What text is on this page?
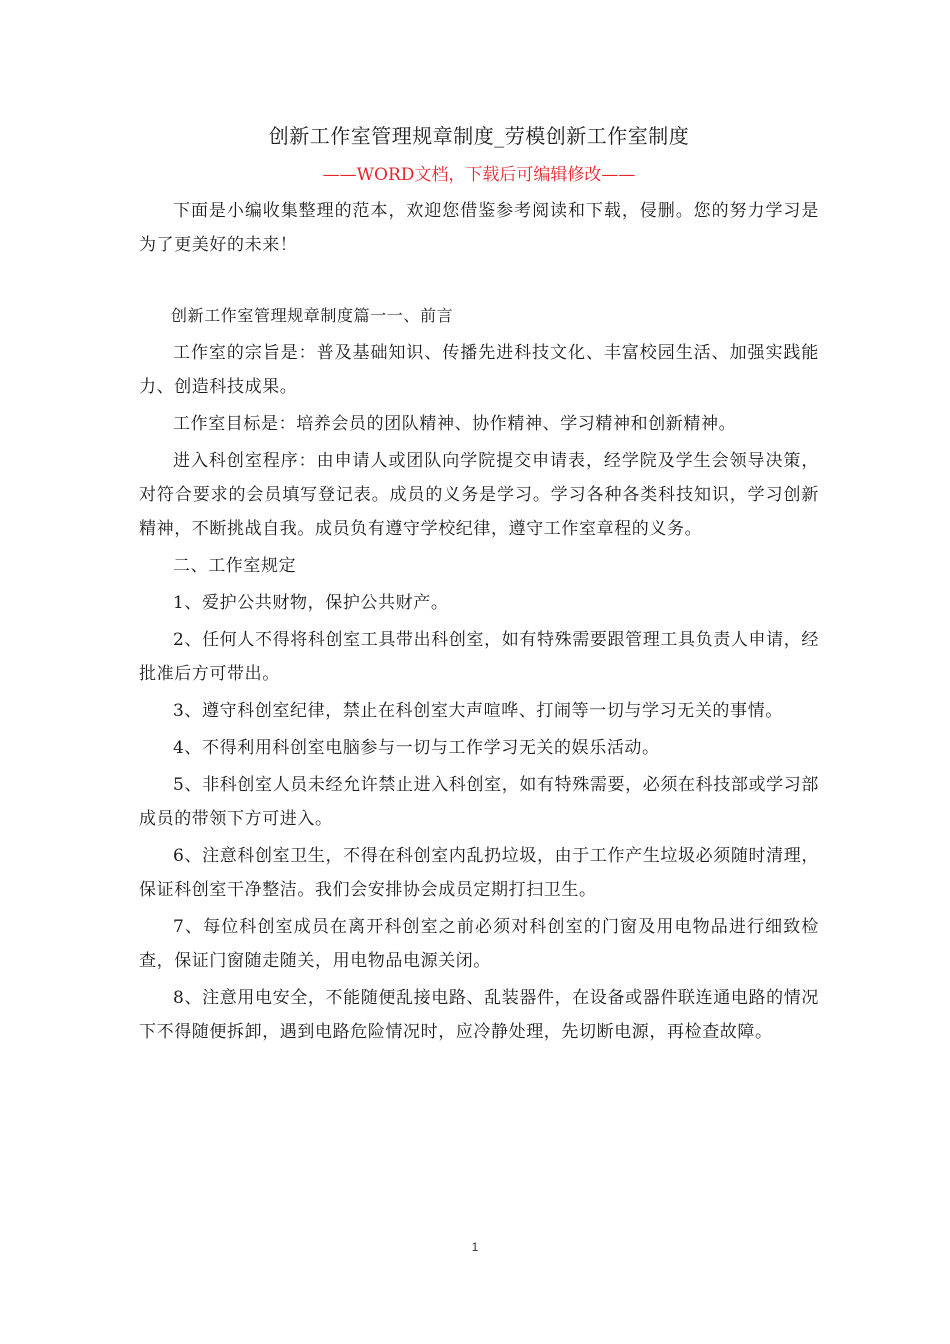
创新工作室管理规章制度_劳模创新工作室制度

——WORD文档，下载后可编辑修改——

下面是小编收集整理的范本，欢迎您借鉴参考阅读和下载，侵删。您的努力学习是为了更美好的未来！

创新工作室管理规章制度篇一一、前言

工作室的宗旨是：普及基础知识、传播先进科技文化、丰富校园生活、加强实践能力、创造科技成果。

工作室目标是：培养会员的团队精神、协作精神、学习精神和创新精神。

进入科创室程序：由申请人或团队向学院提交申请表，经学院及学生会领导决策，对符合要求的会员填写登记表。成员的义务是学习。学习各种各类科技知识，学习创新精神，不断挑战自我。成员负有遵守学校纪律，遵守工作室章程的义务。

二、工作室规定

1、爱护公共财物，保护公共财产。

2、任何人不得将科创室工具带出科创室，如有特殊需要跟管理工具负责人申请，经批准后方可带出。

3、遵守科创室纪律，禁止在科创室大声喧哗、打闹等一切与学习无关的事情。

4、不得利用科创室电脑参与一切与工作学习无关的娱乐活动。

5、非科创室人员未经允许禁止进入科创室，如有特殊需要，必须在科技部或学习部成员的带领下方可进入。

6、注意科创室卫生，不得在科创室内乱扔垃圾，由于工作产生垃圾必须随时清理，保证科创室干净整洁。我们会安排协会成员定期打扫卫生。

7、每位科创室成员在离开科创室之前必须对科创室的门窗及用电物品进行细致检查，保证门窗随走随关，用电物品电源关闭。

8、注意用电安全，不能随便乱接电路、乱装器件，在设备或器件联连通电路的情况下不得随便拆卸，遇到电路危险情况时，应冷静处理，先切断电源，再检查故障。

1
